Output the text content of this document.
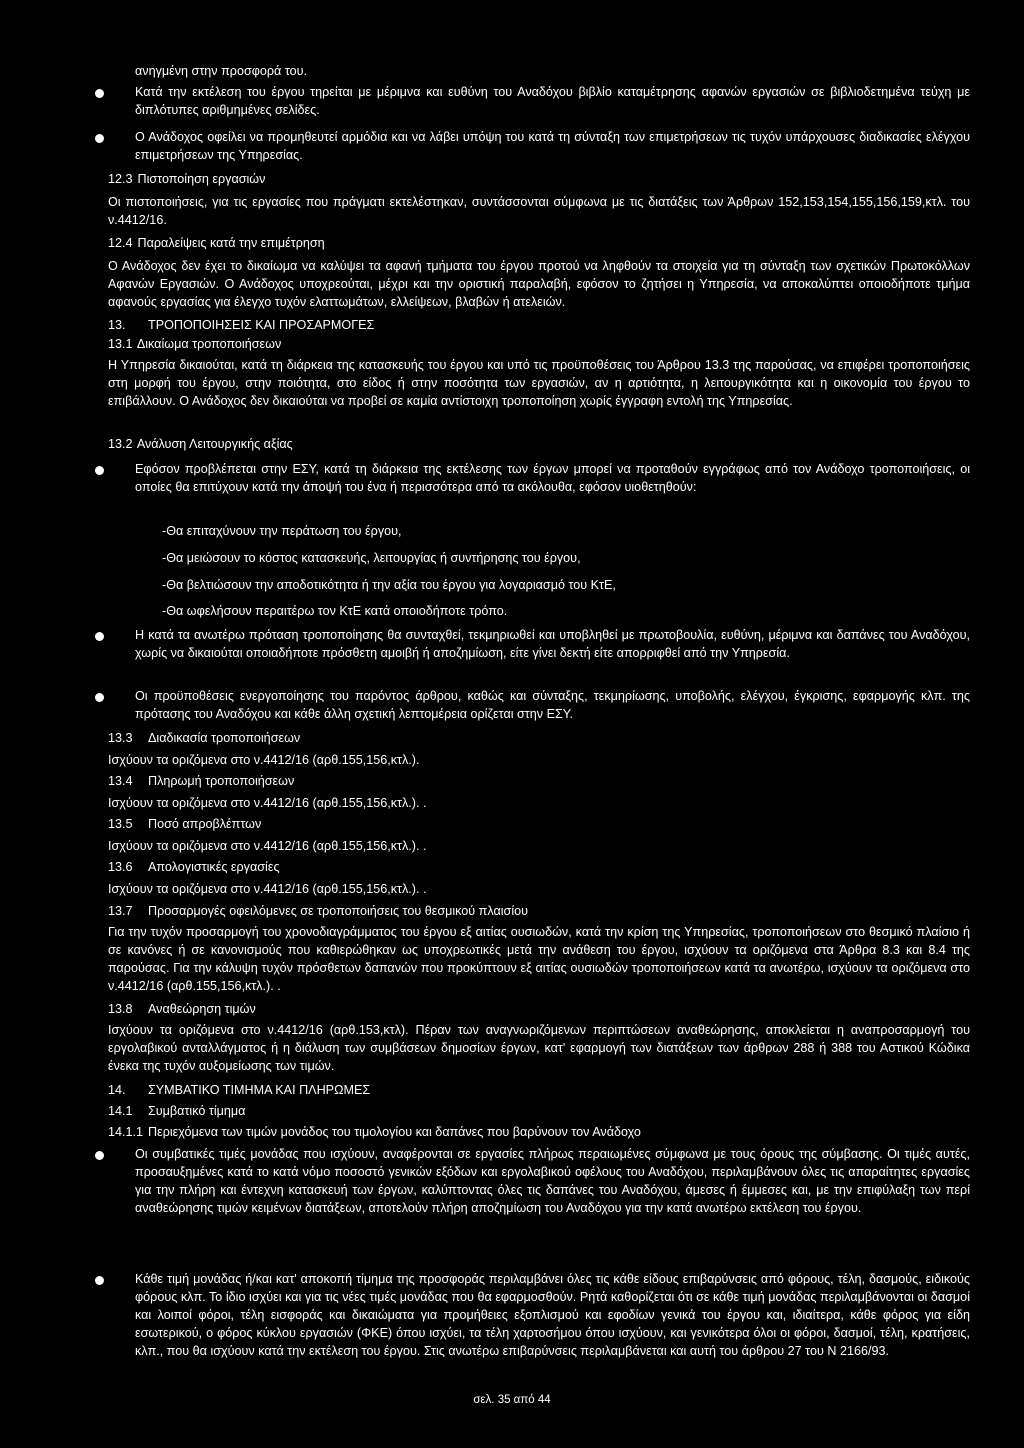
ανηγμένη στην προσφορά του.

Κατά την εκτέλεση του έργου τηρείται με μέριμνα και ευθύνη του Αναδόχου βιβλίο καταμέτρησης αφανών εργασιών σε βιβλιοδετημένα τεύχη με διπλότυπες αριθμημένες σελίδες.

Ο Ανάδοχος οφείλει να προμηθευτεί αρμόδια και να λάβει υπόψη του κατά τη σύνταξη των επιμετρήσεων τις τυχόν υπάρχουσες διαδικασίες ελέγχου επιμετρήσεων της Υπηρεσίας.

12.3 Πιστοποίηση εργασιών

Οι πιστοποιήσεις, για τις εργασίες που πράγματι εκτελέστηκαν, συντάσσονται σύμφωνα με τις διατάξεις των Άρθρων 152,153,154,155,156,159,κτλ. του ν.4412/16.

12.4 Παραλείψεις κατά την επιμέτρηση

Ο Ανάδοχος δεν έχει το δικαίωμα να καλύψει τα αφανή τμήματα του έργου προτού να ληφθούν τα στοιχεία για τη σύνταξη των σχετικών Πρωτοκόλλων Αφανών Εργασιών. Ο Ανάδοχος υποχρεούται, μέχρι και την οριστική παραλαβή, εφόσον το ζητήσει η Υπηρεσία, να αποκαλύπτει οποιοδήποτε τμήμα αφανούς εργασίας για έλεγχο τυχόν ελαττωμάτων, ελλείψεων, βλαβών ή ατελειών.

13. ΤΡΟΠΟΠΟΙΗΣΕΙΣ ΚΑΙ ΠΡΟΣΑΡΜΟΓΕΣ

13.1 Δικαίωμα τροποποιήσεων

Η Υπηρεσία δικαιούται, κατά τη διάρκεια της κατασκευής του έργου και υπό τις προϋποθέσεις του Άρθρου 13.3 της παρούσας, να επιφέρει τροποποιήσεις στη μορφή του έργου, στην ποιότητα, στο είδος ή στην ποσότητα των εργασιών, αν η αρτιότητα, η λειτουργικότητα και η οικονομία του έργου το επιβάλλουν. Ο Ανάδοχος δεν δικαιούται να προβεί σε καμία αντίστοιχη τροποποίηση χωρίς έγγραφη εντολή της Υπηρεσίας.

13.2 Ανάλυση Λειτουργικής αξίας

Εφόσον προβλέπεται στην ΕΣΥ, κατά τη διάρκεια της εκτέλεσης των έργων μπορεί να προταθούν εγγράφως από τον Ανάδοχο τροποποιήσεις, οι οποίες θα επιτύχουν κατά την άποψή του ένα ή περισσότερα από τα ακόλουθα, εφόσον υιοθετηθούν:

-Θα επιταχύνουν την περάτωση του έργου,

-Θα μειώσουν το κόστος κατασκευής, λειτουργίας ή συντήρησης του έργου,

-Θα βελτιώσουν την αποδοτικότητα ή την αξία του έργου για λογαριασμό του ΚτΕ,

-Θα ωφελήσουν περαιτέρω τον ΚτΕ κατά οποιοδήποτε τρόπο.

Η κατά τα ανωτέρω πρόταση τροποποίησης θα συνταχθεί, τεκμηριωθεί και υποβληθεί με πρωτοβουλία, ευθύνη, μέριμνα και δαπάνες του Αναδόχου, χωρίς να δικαιούται οποιαδήποτε πρόσθετη αμοιβή ή αποζημίωση, είτε γίνει δεκτή είτε απορριφθεί από την Υπηρεσία.

Οι προϋποθέσεις ενεργοποίησης του παρόντος άρθρου, καθώς και σύνταξης, τεκμηρίωσης, υποβολής, ελέγχου, έγκρισης, εφαρμογής κλπ. της πρότασης του Αναδόχου και κάθε άλλη σχετική λεπτομέρεια ορίζεται στην ΕΣΥ.

13.3 Διαδικασία τροποποιήσεων

Ισχύουν τα οριζόμενα στο ν.4412/16 (αρθ.155,156,κτλ.).

13.4 Πληρωμή τροποποιήσεων

Ισχύουν τα οριζόμενα στο ν.4412/16 (αρθ.155,156,κτλ.). .

13.5 Ποσό απροβλέπτων

Ισχύουν τα οριζόμενα στο ν.4412/16 (αρθ.155,156,κτλ.). .

13.6 Απολογιστικές εργασίες

Ισχύουν τα οριζόμενα στο ν.4412/16 (αρθ.155,156,κτλ.). .

13.7 Προσαρμογές οφειλόμενες σε τροποποιήσεις του θεσμικού πλαισίου

Για την τυχόν προσαρμογή του χρονοδιαγράμματος του έργου εξ αιτίας ουσιωδών, κατά την κρίση της Υπηρεσίας, τροποποιήσεων στο θεσμικό πλαίσιο ή σε κανόνες ή σε κανονισμούς που καθιερώθηκαν ως υποχρεωτικές μετά την ανάθεση του έργου, ισχύουν τα οριζόμενα στα Άρθρα 8.3 και 8.4 της παρούσας. Για την κάλυψη τυχόν πρόσθετων δαπανών που προκύπτουν εξ αιτίας ουσιωδών τροποποιήσεων κατά τα ανωτέρω, ισχύουν τα οριζόμενα στο ν.4412/16 (αρθ.155,156,κτλ.). .

13.8 Αναθεώρηση τιμών

Ισχύουν τα οριζόμενα στο ν.4412/16 (αρθ.153,κτλ). Πέραν των αναγνωριζόμενων περιπτώσεων αναθεώρησης, αποκλείεται η αναπροσαρμογή του εργολαβικού ανταλλάγματος ή η διάλυση των συμβάσεων δημοσίων έργων, κατ' εφαρμογή των διατάξεων των άρθρων 288 ή 388 του Αστικού Κώδικα ένεκα της τυχόν αυξομείωσης των τιμών.

14. ΣΥΜΒΑΤΙΚΟ ΤΙΜΗΜΑ ΚΑΙ ΠΛΗΡΩΜΕΣ

14.1 Συμβατικό τίμημα

14.1.1 Περιεχόμενα των τιμών μονάδος του τιμολογίου και δαπάνες που βαρύνουν τον Ανάδοχο

Οι συμβατικές τιμές μονάδας που ισχύουν, αναφέρονται σε εργασίες πλήρως περαιωμένες σύμφωνα με τους όρους της σύμβασης. Οι τιμές αυτές, προσαυξημένες κατά το κατά νόμο ποσοστό γενικών εξόδων και εργολαβικού οφέλους του Αναδόχου, περιλαμβάνουν όλες τις απαραίτητες εργασίες για την πλήρη και έντεχνη κατασκευή των έργων, καλύπτοντας όλες τις δαπάνες του Αναδόχου, άμεσες ή έμμεσες και, με την επιφύλαξη των περί αναθεώρησης τιμών κειμένων διατάξεων, αποτελούν πλήρη αποζημίωση του Αναδόχου για την κατά ανωτέρω εκτέλεση του έργου.

Κάθε τιμή μονάδας ή/και κατ' αποκοπή τίμημα της προσφοράς περιλαμβάνει όλες τις κάθε είδους επιβαρύνσεις από φόρους, τέλη, δασμούς, ειδικούς φόρους κλπ. Το ίδιο ισχύει και για τις νέες τιμές μονάδας που θα εφαρμοσθούν. Ρητά καθορίζεται ότι σε κάθε τιμή μονάδας περιλαμβάνονται οι δασμοί και λοιποί φόροι, τέλη εισφοράς και δικαιώματα για προμήθειες εξοπλισμού και εφοδίων γενικά του έργου και, ιδιαίτερα, κάθε φόρος για είδη εσωτερικού, ο φόρος κύκλου εργασιών (ΦΚΕ) όπου ισχύει, τα τέλη χαρτοσήμου όπου ισχύουν, και γενικότερα όλοι οι φόροι, δασμοί, τέλη, κρατήσεις, κλπ., που θα ισχύουν κατά την εκτέλεση του έργου. Στις ανωτέρω επιβαρύνσεις περιλαμβάνεται και αυτή του άρθρου 27 του Ν 2166/93.

σελ. 35 από 44
